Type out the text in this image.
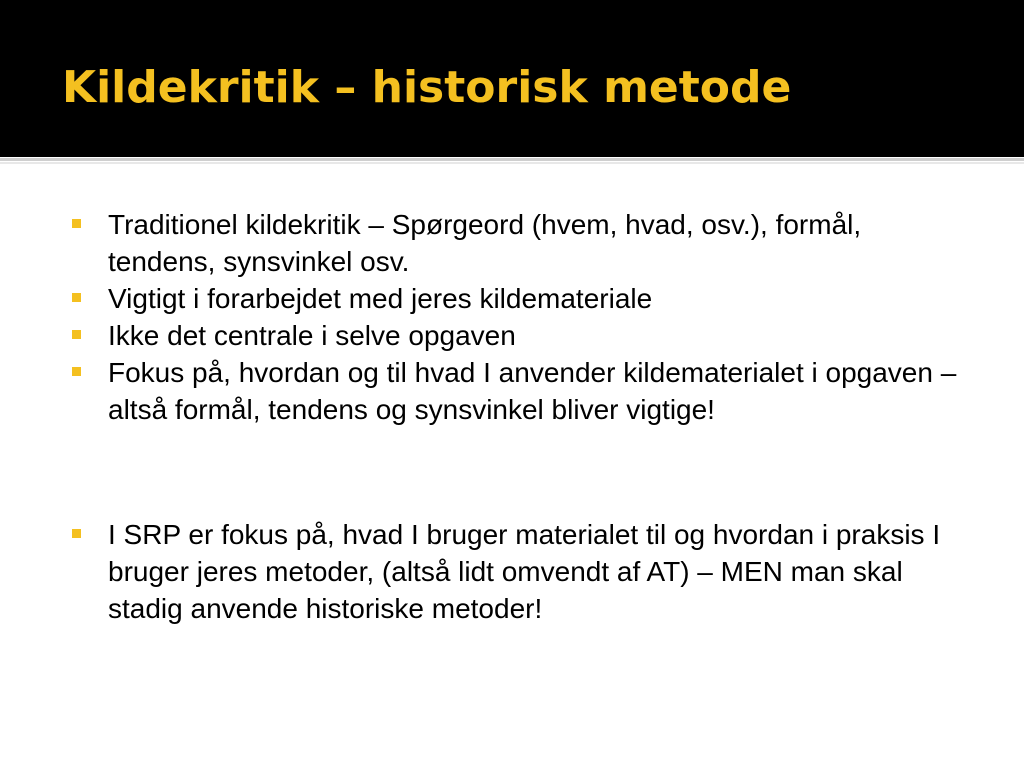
Kildekritik – historisk metode
Traditionel kildekritik – Spørgeord (hvem, hvad, osv.), formål, tendens, synsvinkel osv.
Vigtigt i forarbejdet med jeres kildemateriale
Ikke det centrale i selve opgaven
Fokus på, hvordan og til hvad I anvender kildematerialet i opgaven – altså formål, tendens og synsvinkel bliver vigtige!
I SRP er fokus på, hvad I bruger materialet til og hvordan i praksis I bruger jeres metoder, (altså lidt omvendt af AT) – MEN man skal stadig anvende historiske metoder!
